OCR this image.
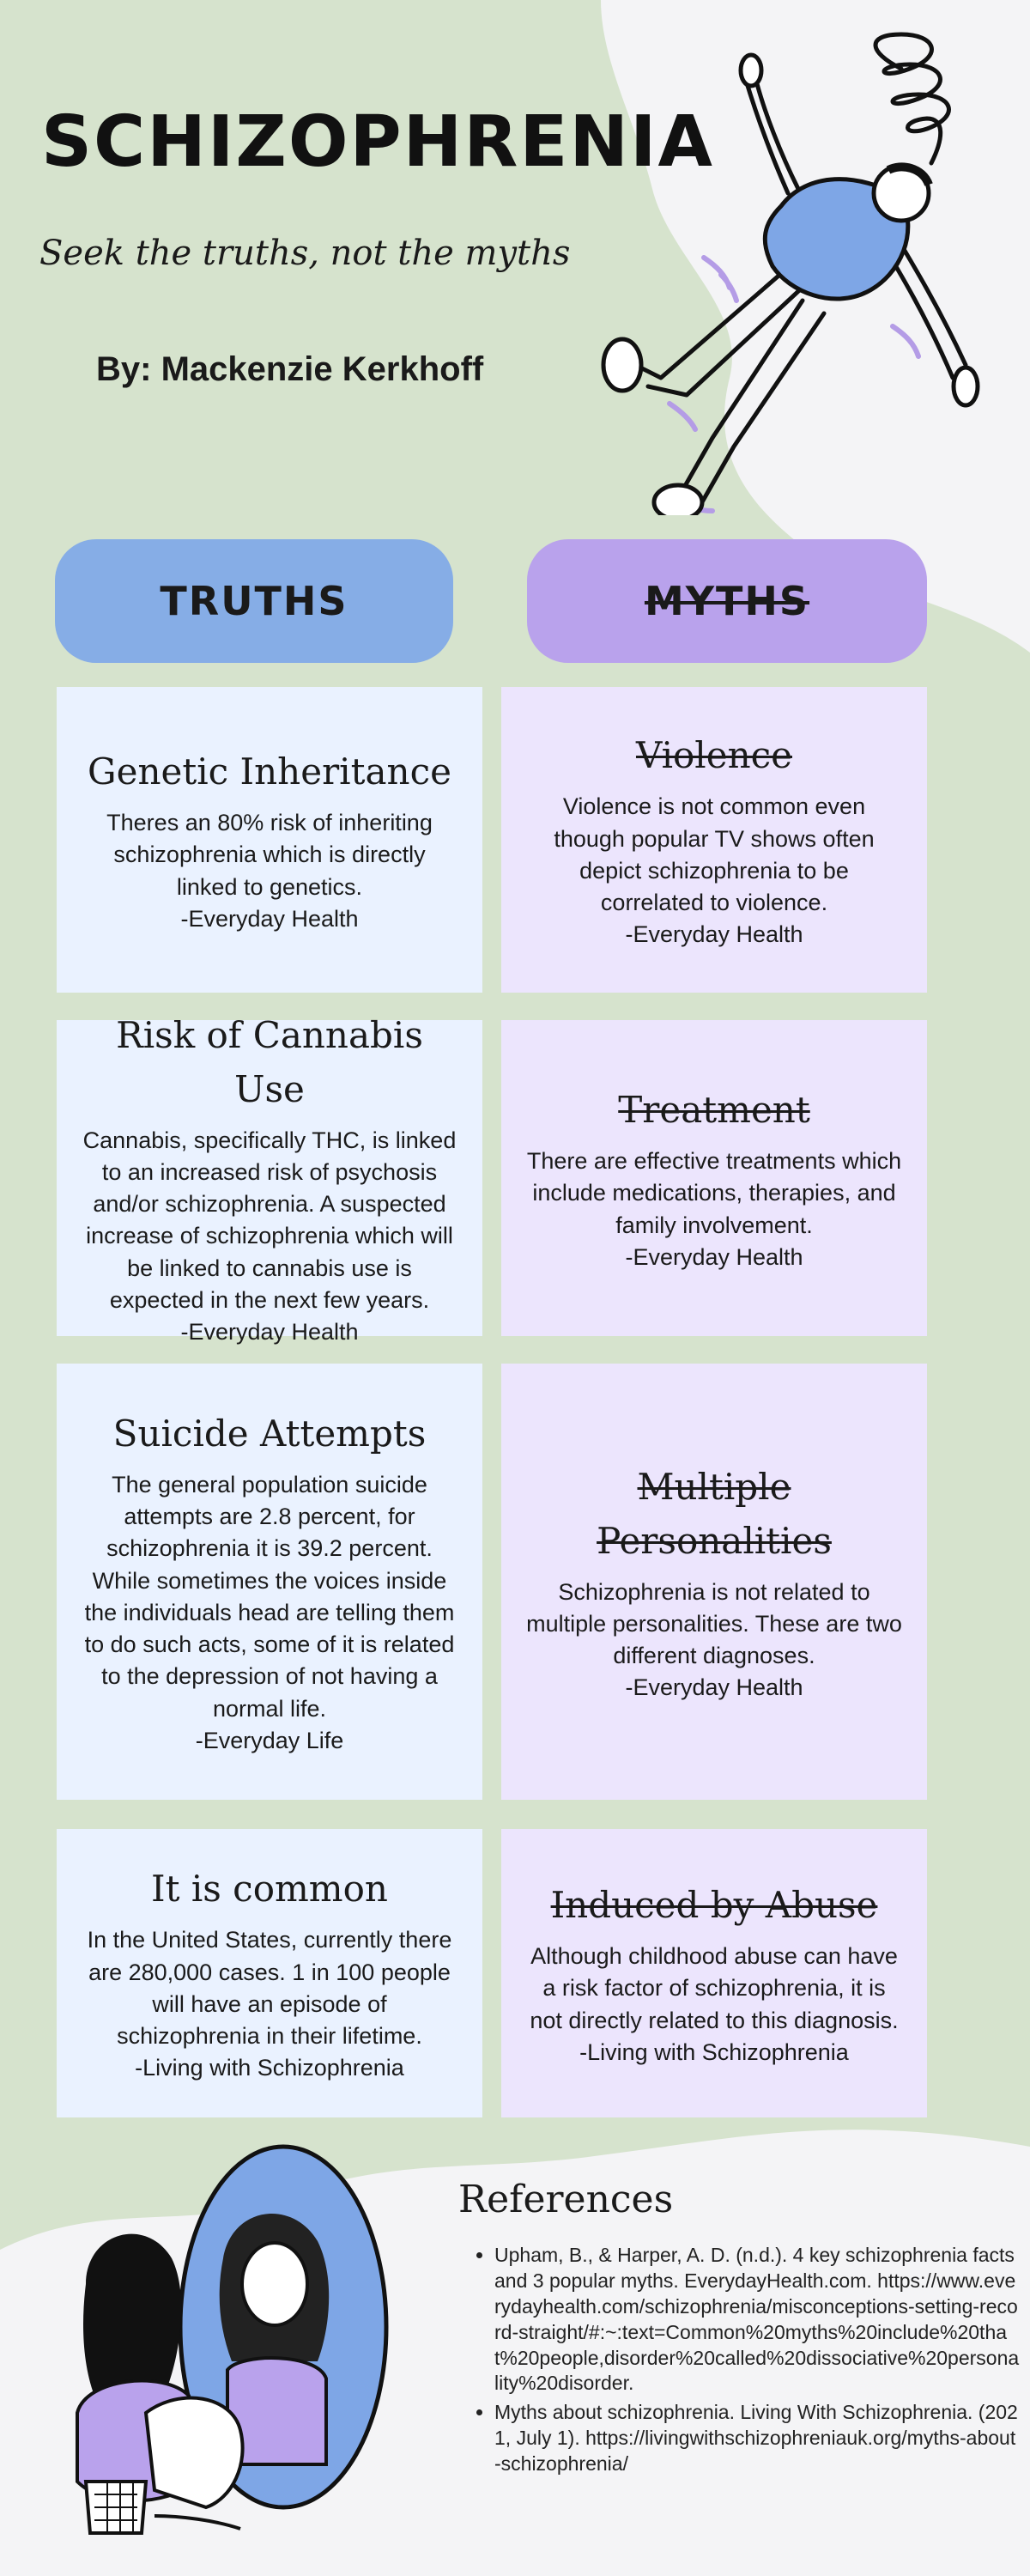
SCHIZOPHRENIA
Seek the truths, not the myths
By: Mackenzie Kerkhoff
TRUTHS	MYTHS
Genetic Inheritance

Theres an 80% risk of inheriting schizophrenia which is directly linked to genetics.

-Everyday Health
Violence

Violence is not common even though popular TV shows often depict schizophrenia to be correlated to violence.

-Everyday Health
Risk of Cannabis Use

Cannabis, specifically THC, is linked to an increased risk of psychosis and/or schizophrenia. A suspected increase of schizophrenia which will be linked to cannabis use is expected in the next few years.

-Everyday Health
Treatment

There are effective treatments which include medications, therapies, and family involvement.

-Everyday Health
Suicide Attempts

The general population suicide attempts are 2.8 percent, for schizophrenia it is 39.2 percent. While sometimes the voices inside the individuals head are telling them to do such acts, some of it is related to the depression of not having a normal life.

-Everyday Life
Multiple Personalities

Schizophrenia is not related to multiple personalities. These are two different diagnoses.

-Everyday Health
It is common

In the United States, currently there are 280,000 cases. 1 in 100 people will have an episode of schizophrenia in their lifetime.

-Living with Schizophrenia
Induced by Abuse

Although childhood abuse can have a risk factor of schizophrenia, it is not directly related to this diagnosis.

-Living with Schizophrenia
References
• Upham, B., & Harper, A. D. (n.d.). 4 key schizophrenia facts and 3 popular myths. EverydayHealth.com. https://www.everydayhealth.com/schizophrenia/misconceptions-setting-record-straight/#:~:text=Common%20myths%20include%20that%20people,disorder%20called%20dissociative%20personality%20disorder.
• Myths about schizophrenia. Living With Schizophrenia. (2021, July 1). https://livingwithschizophreniauk.org/myths-about-schizophrenia/
